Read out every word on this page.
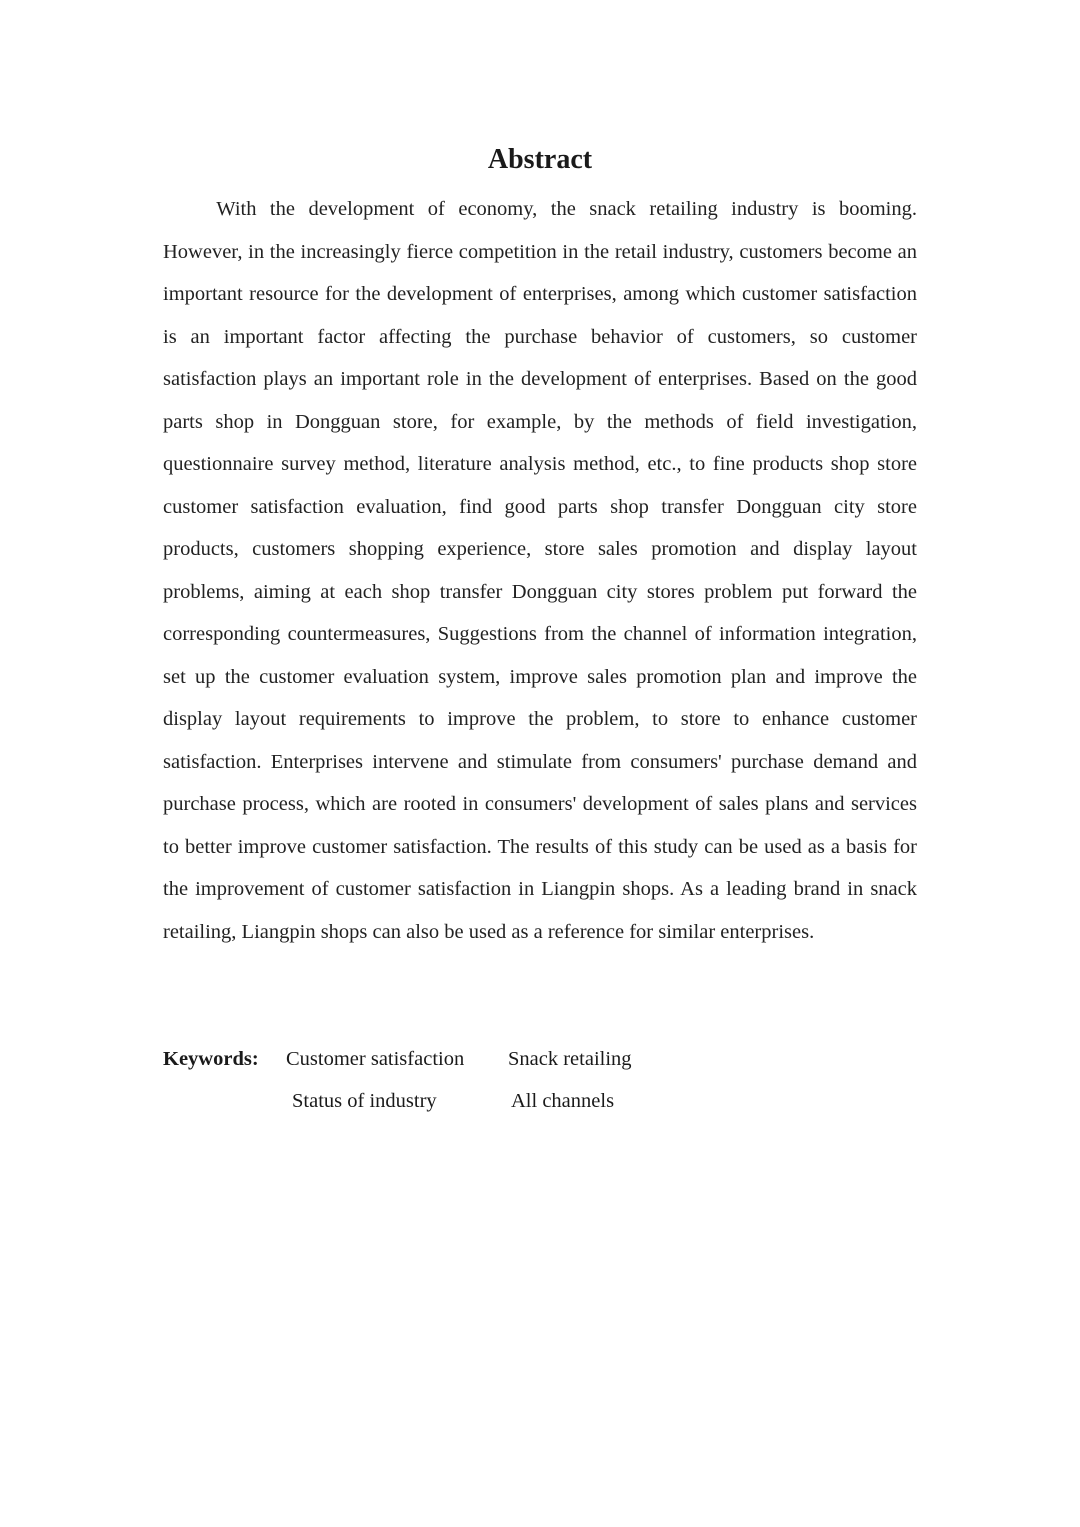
Abstract

With the development of economy, the snack retailing industry is booming. However, in the increasingly fierce competition in the retail industry, customers become an important resource for the development of enterprises, among which customer satisfaction is an important factor affecting the purchase behavior of customers, so customer satisfaction plays an important role in the development of enterprises. Based on the good parts shop in Dongguan store, for example, by the methods of field investigation, questionnaire survey method, literature analysis method, etc., to fine products shop store customer satisfaction evaluation, find good parts shop transfer Dongguan city store products, customers shopping experience, store sales promotion and display layout problems, aiming at each shop transfer Dongguan city stores problem put forward the corresponding countermeasures, Suggestions from the channel of information integration, set up the customer evaluation system, improve sales promotion plan and improve the display layout requirements to improve the problem, to store to enhance customer satisfaction. Enterprises intervene and stimulate from consumers' purchase demand and purchase process, which are rooted in consumers' development of sales plans and services to better improve customer satisfaction. The results of this study can be used as a basis for the improvement of customer satisfaction in Liangpin shops. As a leading brand in snack retailing, Liangpin shops can also be used as a reference for similar enterprises.

Keywords: Customer satisfaction Snack retailing
Status of industry	All channels
